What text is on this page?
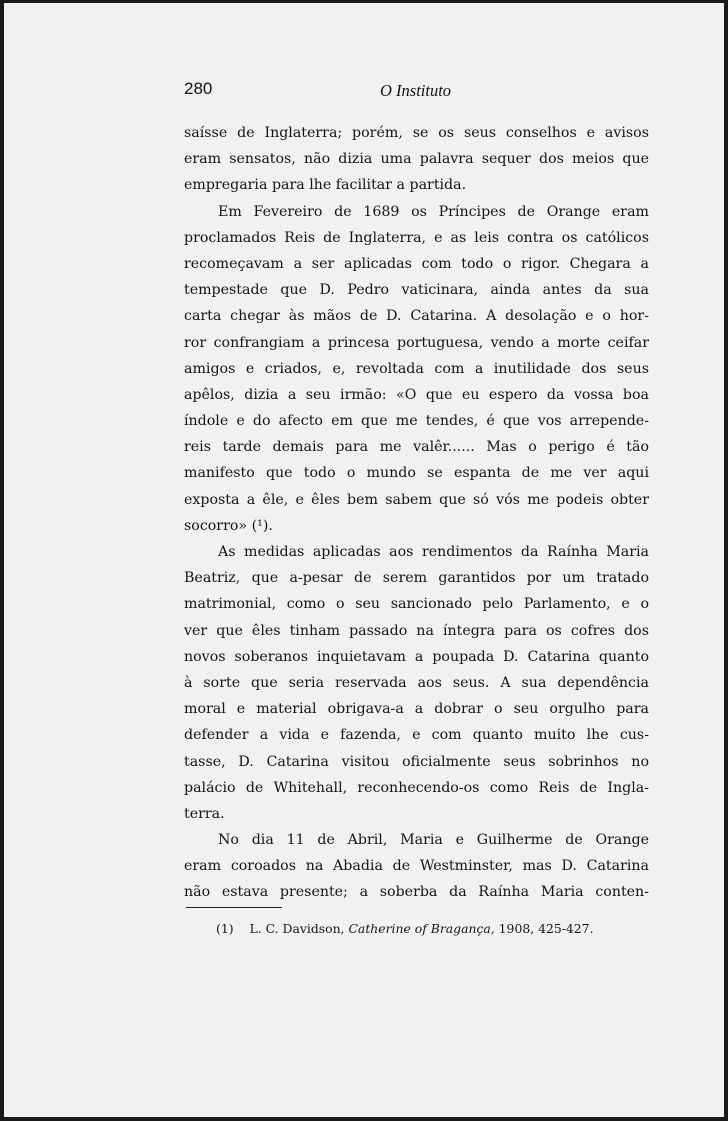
280	O Instituto
saísse de Inglaterra; porém, se os seus conselhos e avisos
eram sensatos, não dizia uma palavra sequer dos meios que
empregaria para lhe facilitar a partida.
Em Fevereiro de 1689 os Príncipes de Orange eram
proclamados Reis de Inglaterra, e as leis contra os católicos
recomeçavam a ser aplicadas com todo o rigor. Chegara a
tempestade que D. Pedro vaticinara, ainda antes da sua
carta chegar às mãos de D. Catarina. A desolação e o hor-
ror confrangiam a princesa portuguesa, vendo a morte ceifar
amigos e criados, e, revoltada com a inutilidade dos seus
apêlos, dizia a seu irmão: «O que eu espero da vossa boa
índole e do afecto em que me tendes, é que vos arrepende-
reis tarde demais para me valêr...... Mas o perigo é tão
manifesto que todo o mundo se espanta de me ver aqui
exposta a êle, e êles bem sabem que só vós me podeis obter
socorro» (¹).
As medidas aplicadas aos rendimentos da Raínha Maria
Beatriz, que a-pesar de serem garantidos por um tratado
matrimonial, como o seu sancionado pelo Parlamento, e o
ver que êles tinham passado na íntegra para os cofres dos
novos soberanos inquietavam a poupada D. Catarina quanto
à sorte que seria reservada aos seus. A sua dependência
moral e material obrigava-a a dobrar o seu orgulho para
defender a vida e fazenda, e com quanto muito lhe cus-
tasse, D. Catarina visitou oficialmente seus sobrinhos no
palácio de Whitehall, reconhecendo-os como Reis de Ingla-
terra.
No dia 11 de Abril, Maria e Guilherme de Orange
eram coroados na Abadia de Westminster, mas D. Catarina
não estava presente; a soberba da Raínha Maria conten-
(1) L. C. Davidson, Catherine of Bragança, 1908, 425-427.
